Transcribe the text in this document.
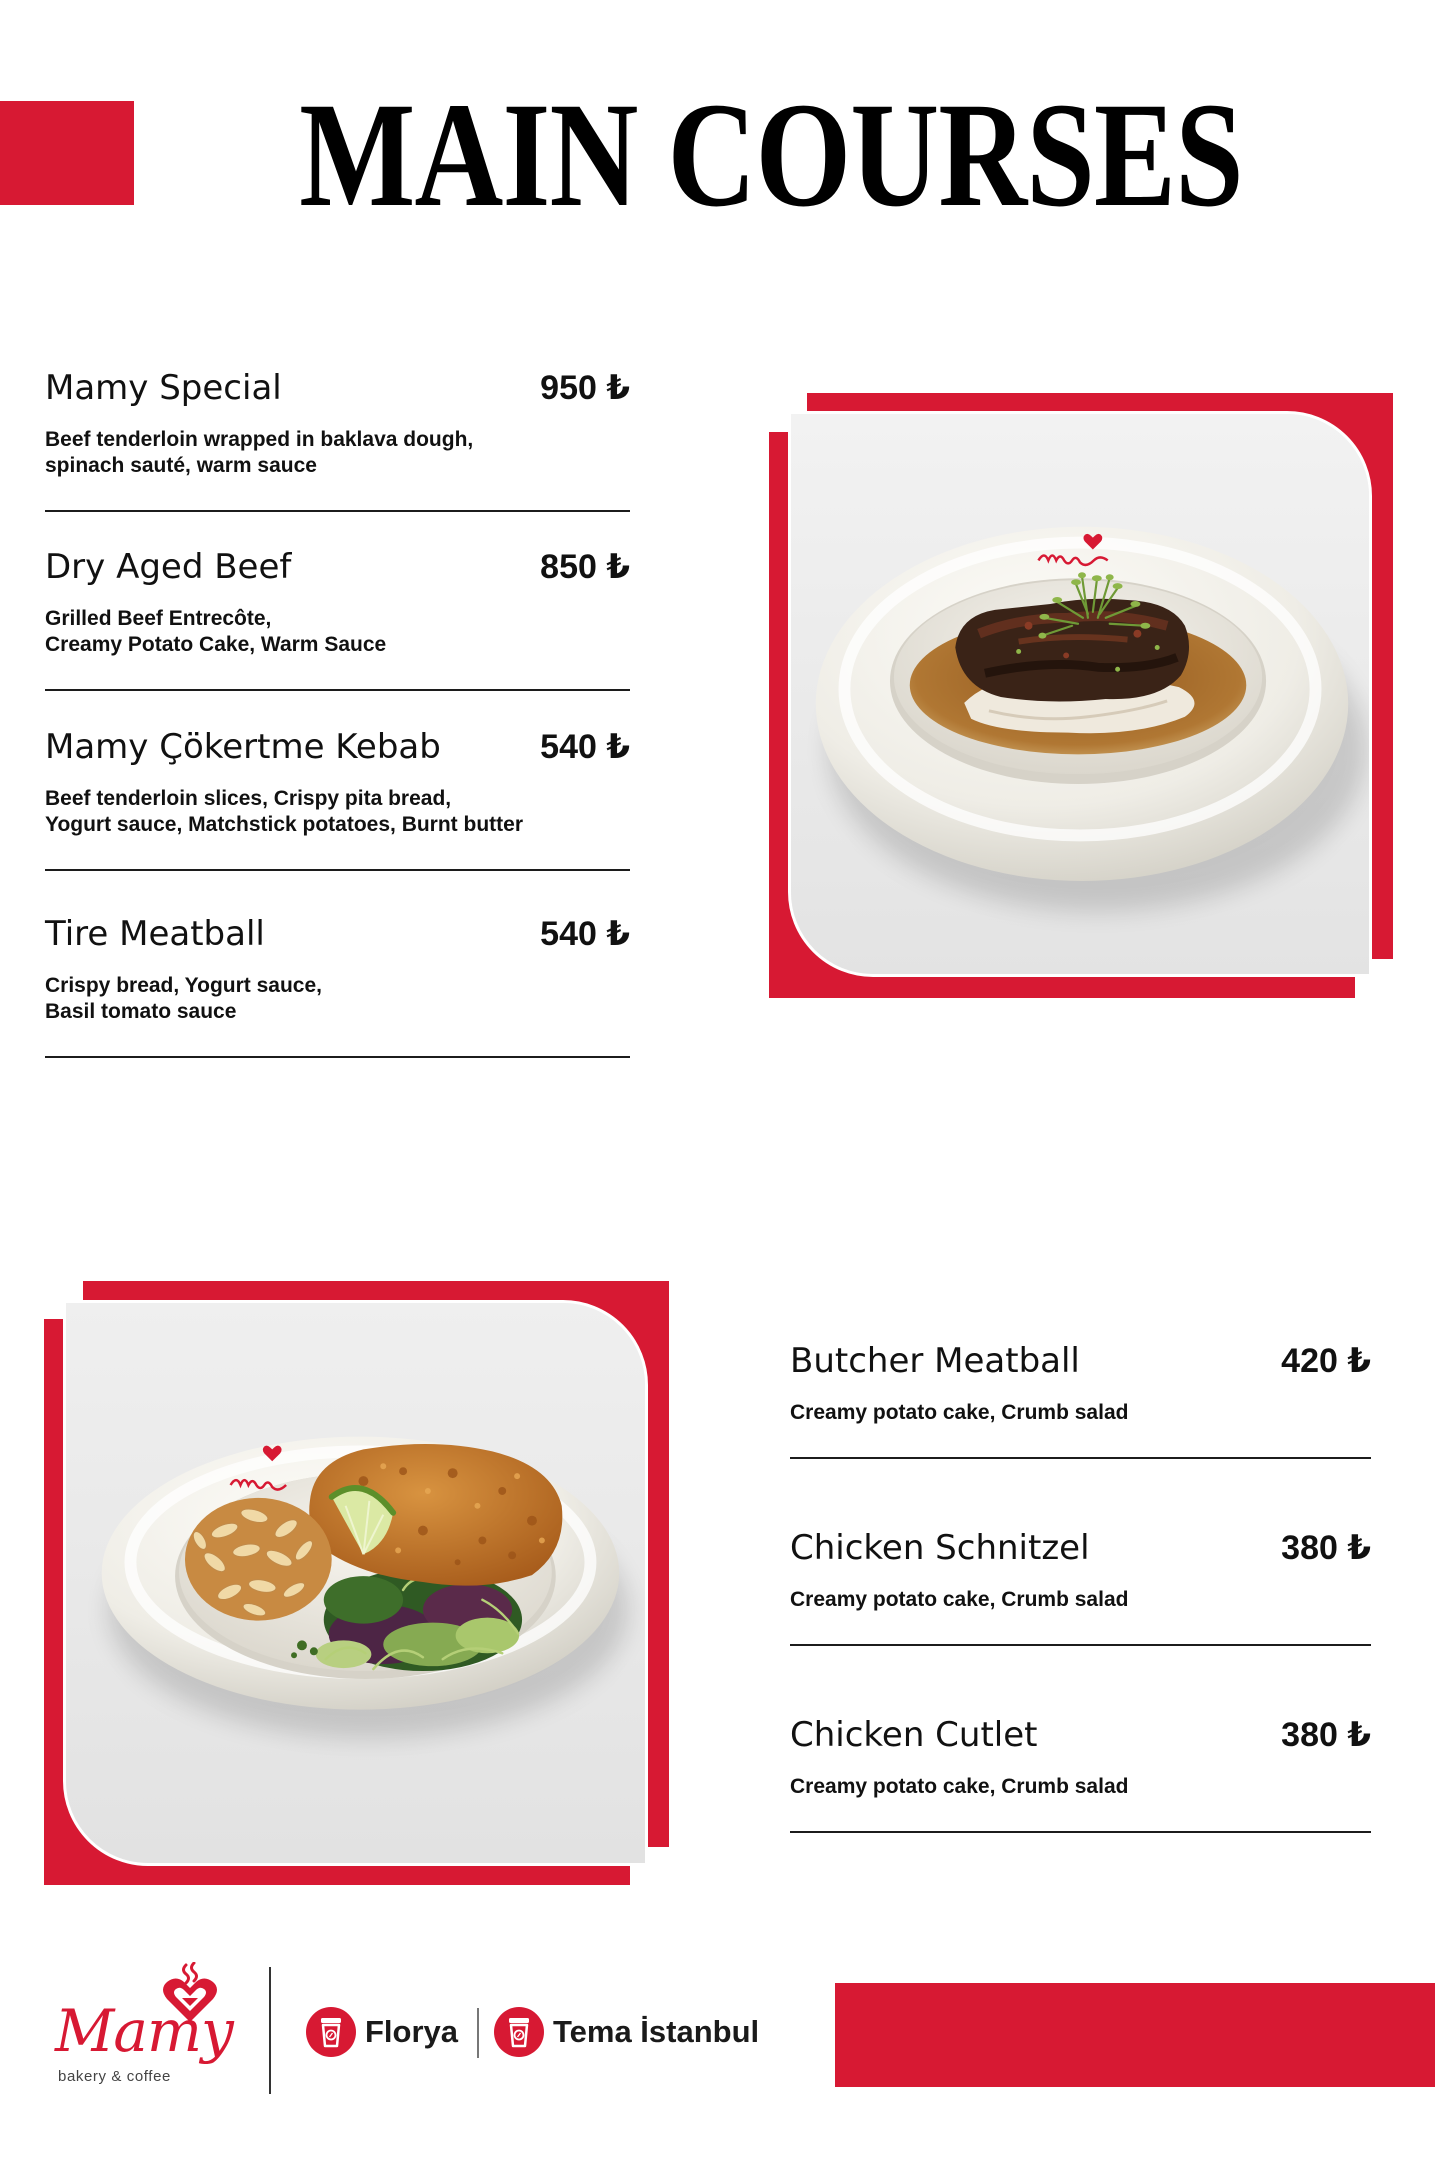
MAIN COURSES
Mamy Special	950 ₺
Beef tenderloin wrapped in baklava dough,
spinach sauté, warm sauce
Dry Aged Beef	850 ₺
Grilled Beef Entrecôte,
Creamy Potato Cake, Warm Sauce
Mamy Çökertme Kebab	540 ₺
Beef tenderloin slices, Crispy pita bread,
Yogurt sauce, Matchstick potatoes, Burnt butter
Tire Meatball	540 ₺
Crispy bread, Yogurt sauce,
Basil tomato sauce
Butcher Meatball	420 ₺
Creamy potato cake, Crumb salad
Chicken Schnitzel	380 ₺
Creamy potato cake, Crumb salad
Chicken Cutlet	380 ₺
Creamy potato cake, Crumb salad
Mamy
bakery & coffee
Florya	Tema İstanbul
